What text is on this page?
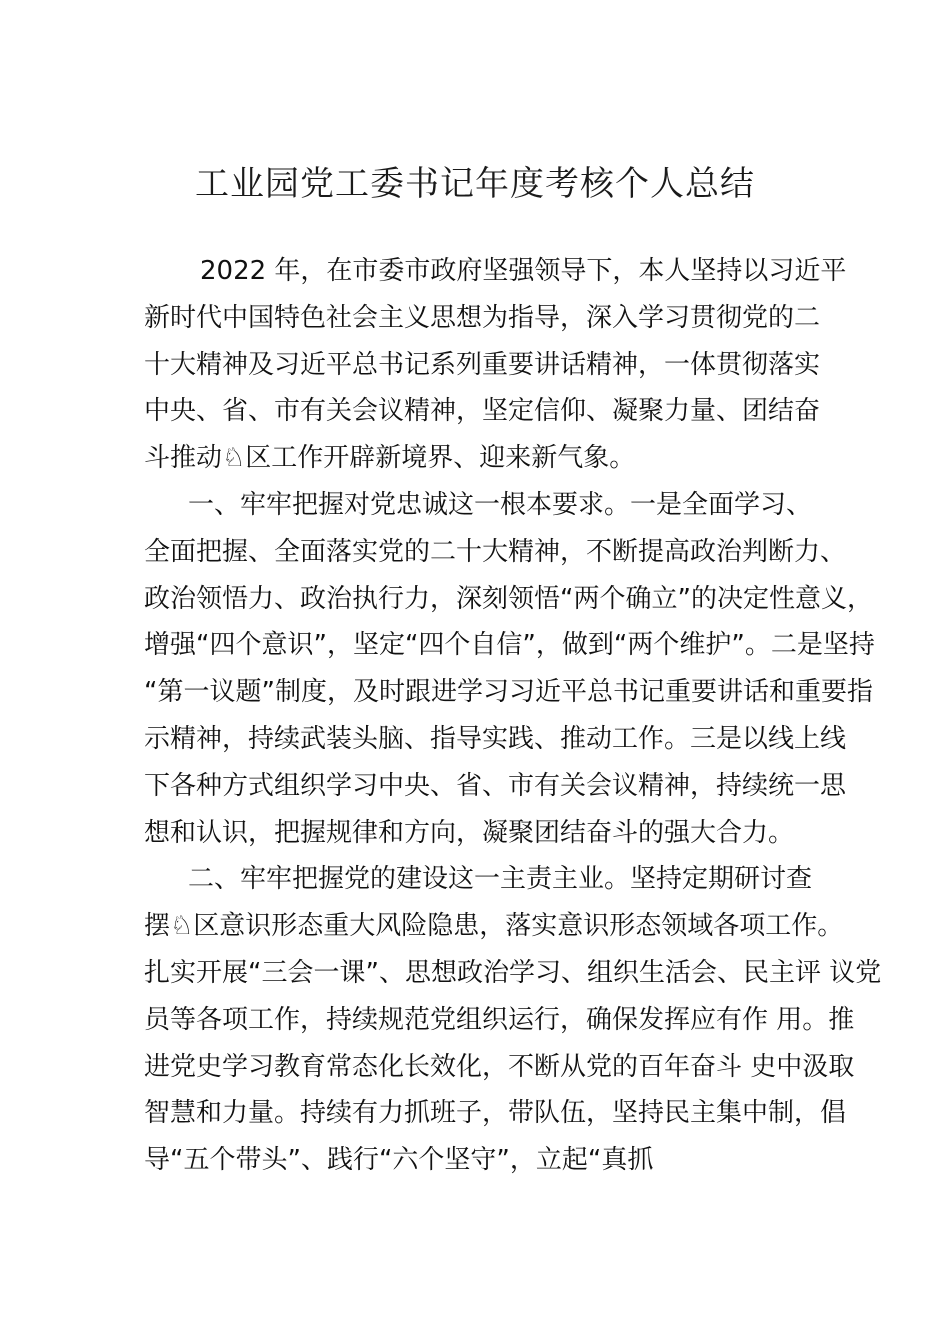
工业园党工委书记年度考核个人总结
2022 年，在市委市政府坚强领导下，本人坚持以习近平
新时代中国特色社会主义思想为指导，深入学习贯彻党的二
十大精神及习近平总书记系列重要讲话精神，一体贯彻落实
中央、省、市有关会议精神，坚定信仰、凝聚力量、团结奋
斗推动♘区工作开辟新境界、迎来新气象。
一、牢牢把握对党忠诚这一根本要求。一是全面学习、
全面把握、全面落实党的二十大精神，不断提高政治判断力、
政治领悟力、政治执行力，深刻领悟“两个确立”的决定性意义，
增强“四个意识”，坚定“四个自信”，做到“两个维护”。二是坚持
“第一议题”制度，及时跟进学习习近平总书记重要讲话和重要指
示精神，持续武装头脑、指导实践、推动工作。三是以线上线
下各种方式组织学习中央、省、市有关会议精神，持续统一思
想和认识，把握规律和方向，凝聚团结奋斗的强大合力。
二、牢牢把握党的建设这一主责主业。坚持定期研讨查
摆♘区意识形态重大风险隐患，落实意识形态领域各项工作。
扎实开展“三会一课”、思想政治学习、组织生活会、民主评 议党
员等各项工作，持续规范党组织运行，确保发挥应有作 用。推
进党史学习教育常态化长效化，不断从党的百年奋斗 史中汲取
智慧和力量。持续有力抓班子，带队伍，坚持民主集中制，倡
导“五个带头”、践行“六个坚守”，立起“真抓
